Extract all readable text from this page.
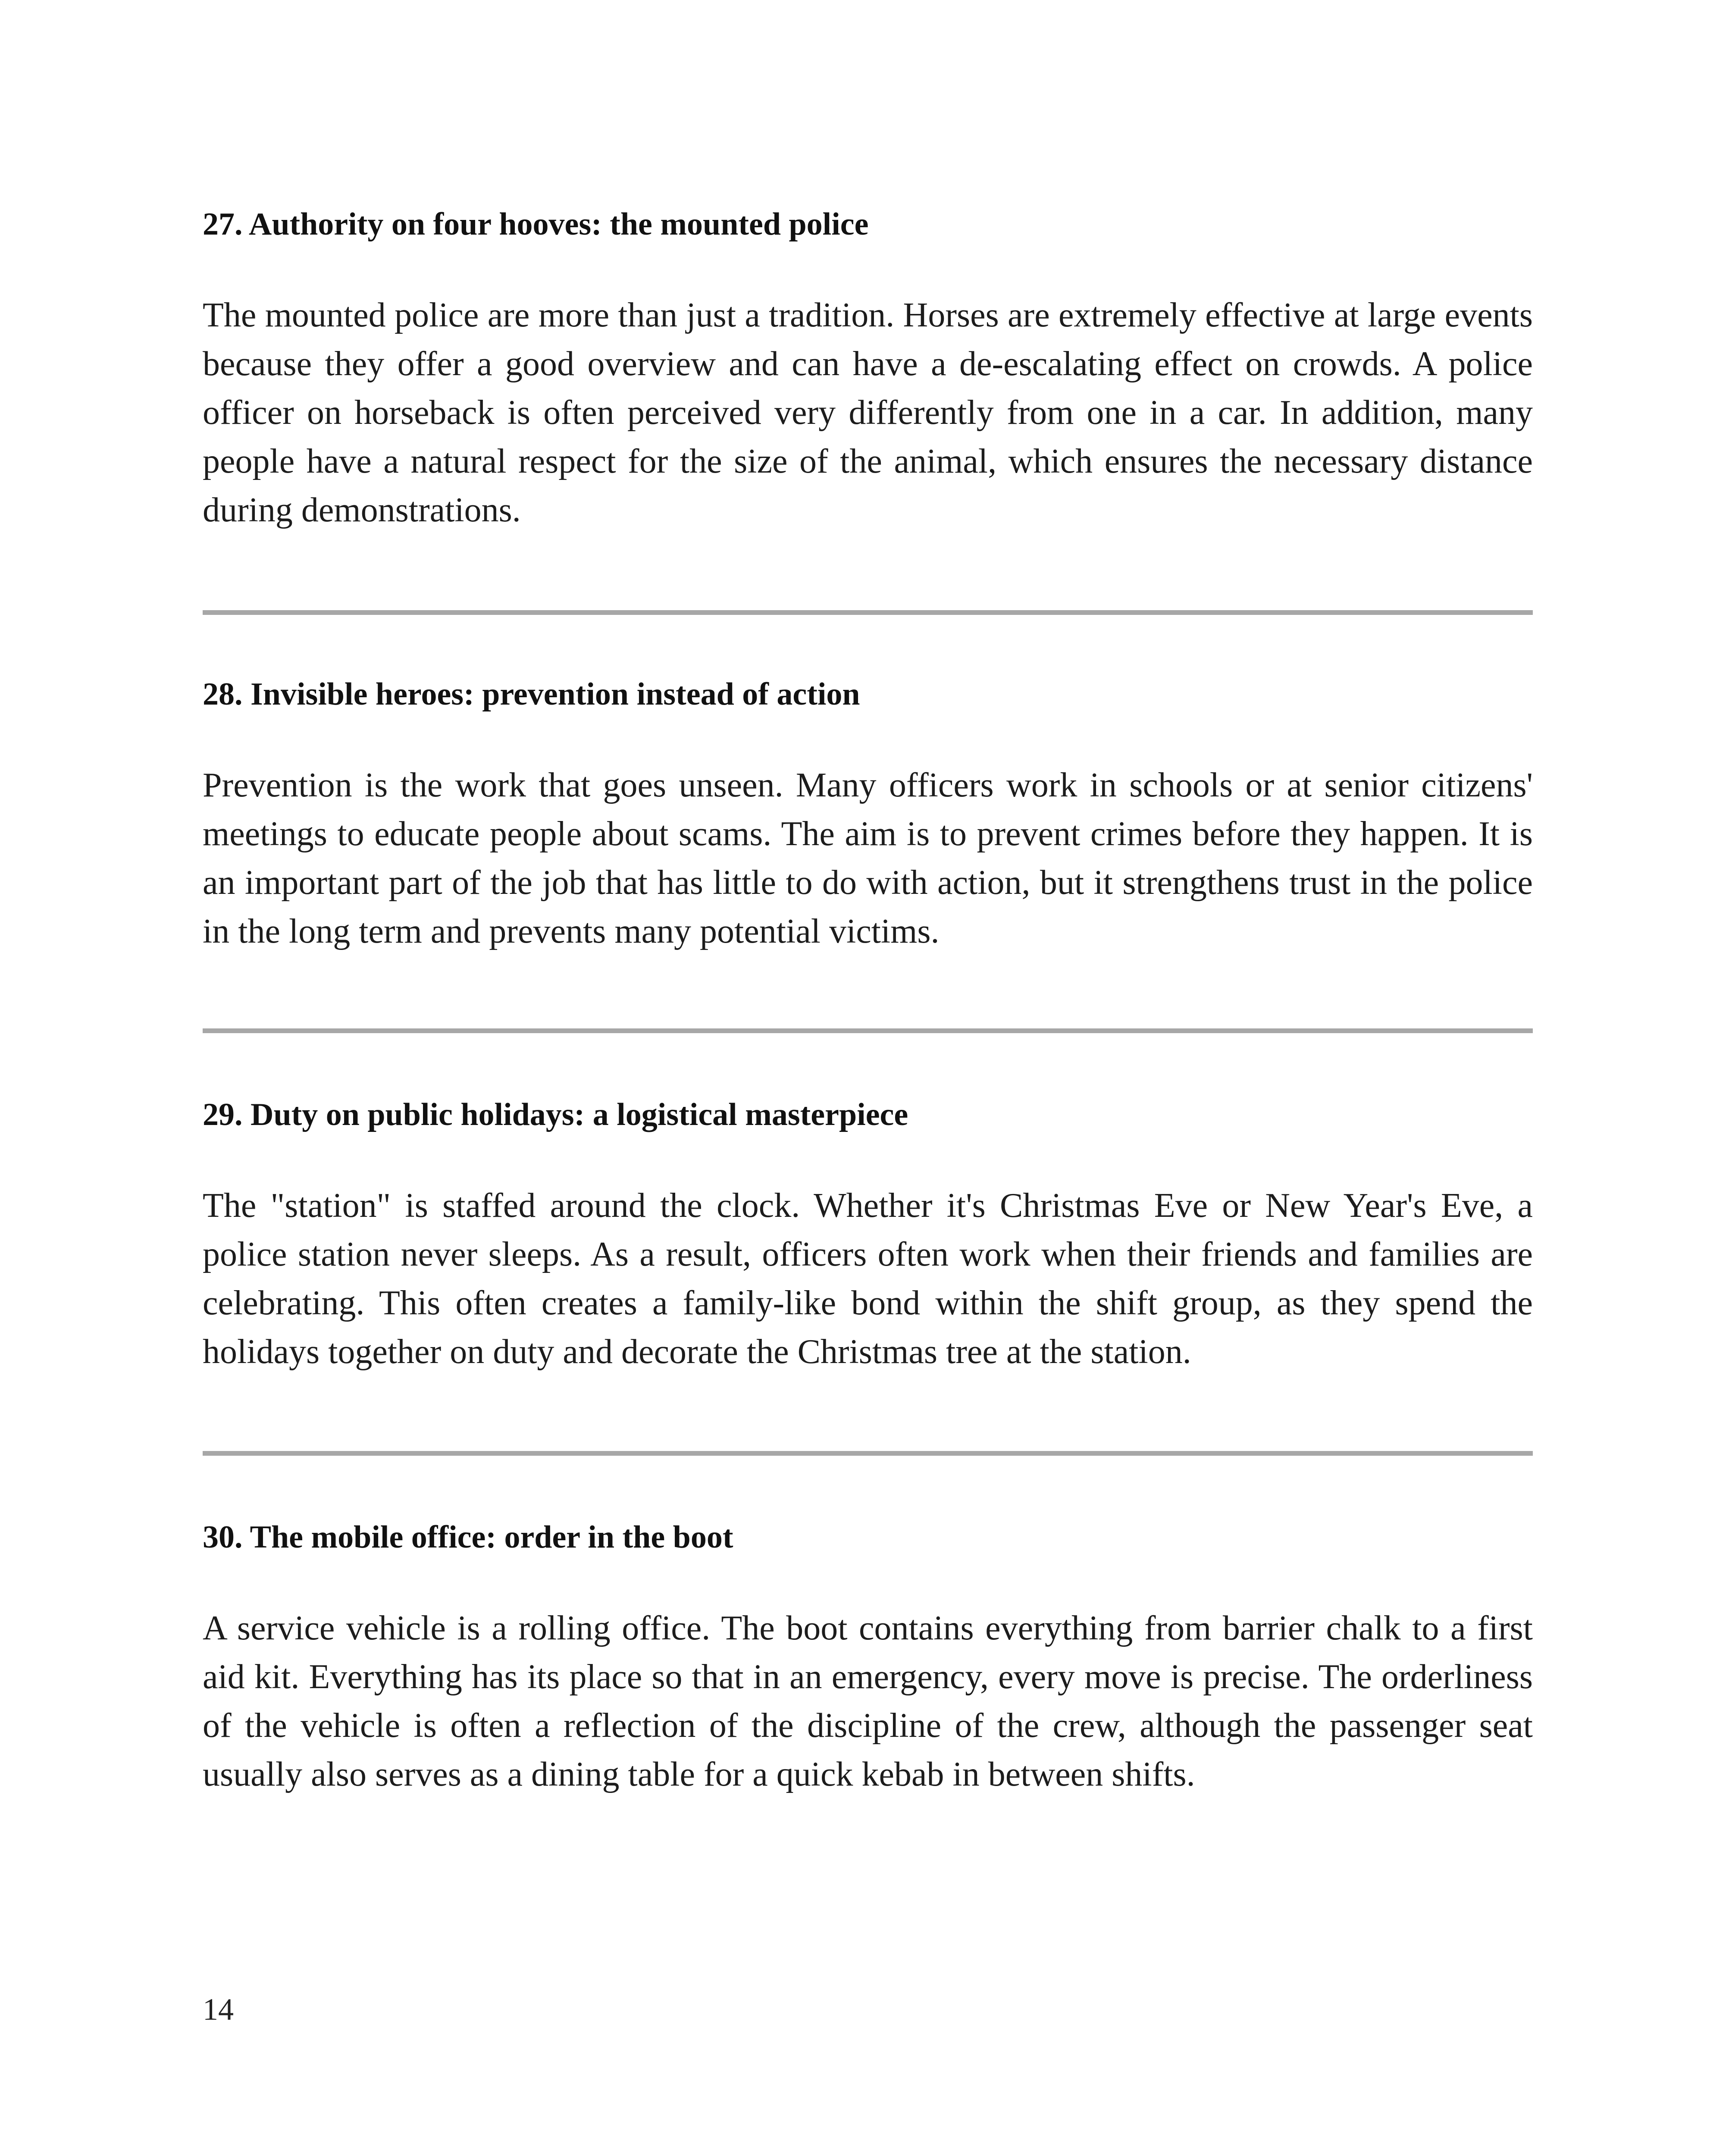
27. Authority on four hooves: the mounted police

The mounted police are more than just a tradition. Horses are extremely effective at large events because they offer a good overview and can have a de-escalating effect on crowds. A police officer on horseback is often perceived very differently from one in a car. In addition, many people have a natural respect for the size of the animal, which ensures the necessary distance during demonstrations.

28. Invisible heroes: prevention instead of action

Prevention is the work that goes unseen. Many officers work in schools or at senior citizens' meetings to educate people about scams. The aim is to prevent crimes before they happen. It is an important part of the job that has little to do with action, but it strengthens trust in the police in the long term and prevents many potential victims.

29. Duty on public holidays: a logistical masterpiece

The "station" is staffed around the clock. Whether it's Christmas Eve or New Year's Eve, a police station never sleeps. As a result, officers often work when their friends and families are celebrating. This often creates a family-like bond within the shift group, as they spend the holidays together on duty and decorate the Christmas tree at the station.

30. The mobile office: order in the boot

A service vehicle is a rolling office. The boot contains everything from barrier chalk to a first aid kit. Everything has its place so that in an emergency, every move is precise. The orderliness of the vehicle is often a reflection of the discipline of the crew, although the passenger seat usually also serves as a dining table for a quick kebab in between shifts.

14
